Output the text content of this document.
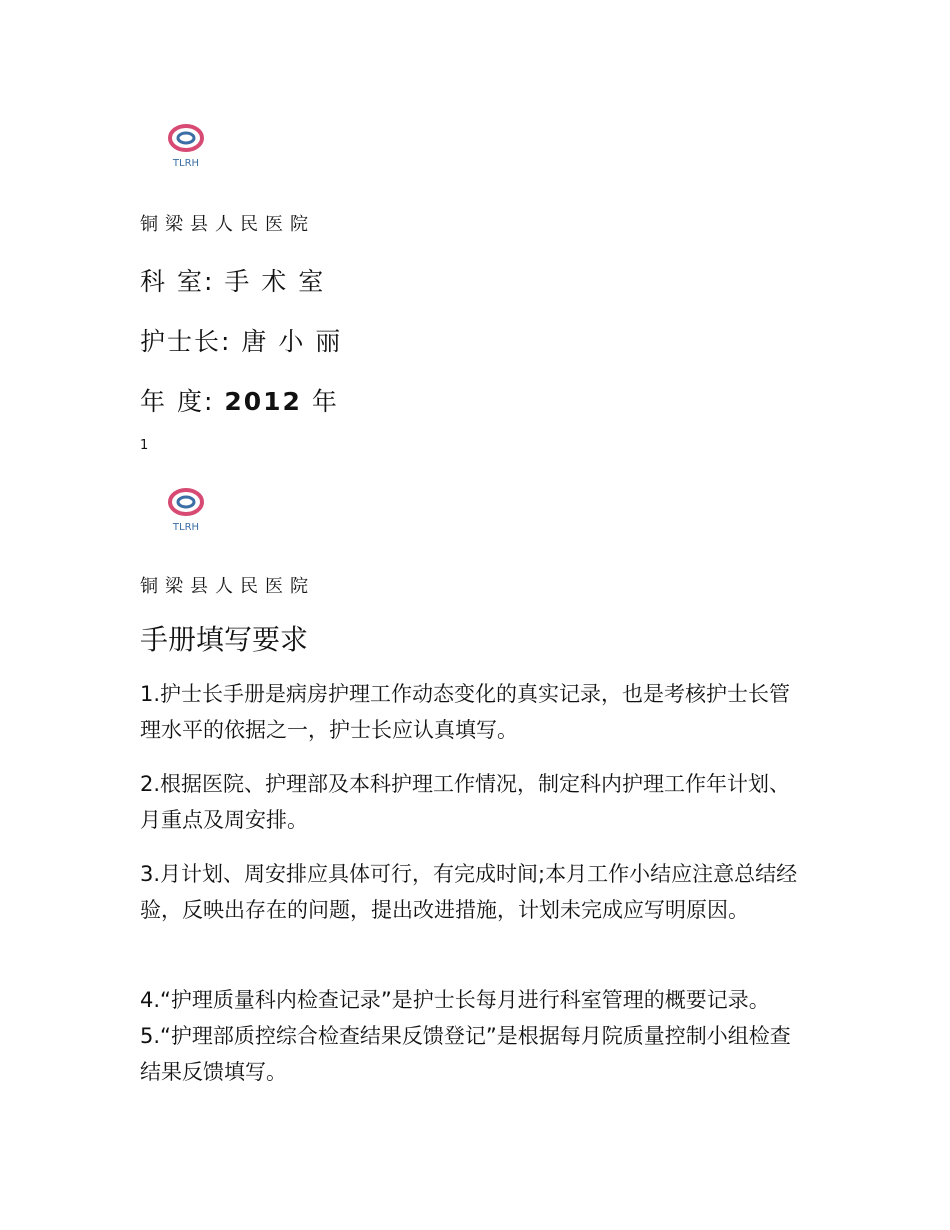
TLRH
铜梁县人民医院
科 室: 手 术 室
护士长: 唐 小 丽
年 度: 2012 年
1
TLRH
铜梁县人民医院
手册填写要求

1.护士长手册是病房护理工作动态变化的真实记录，也是考核护士长管理水平的依据之一，护士长应认真填写。

2.根据医院、护理部及本科护理工作情况，制定科内护理工作年计划、月重点及周安排。

3.月计划、周安排应具体可行，有完成时间;本月工作小结应注意总结经验，反映出存在的问题，提出改进措施，计划未完成应写明原因。

4.“护理质量科内检查记录”是护士长每月进行科室管理的概要记录。 5.“护理部质控综合检查结果反馈登记”是根据每月院质量控制小组检查结果反馈填写。
